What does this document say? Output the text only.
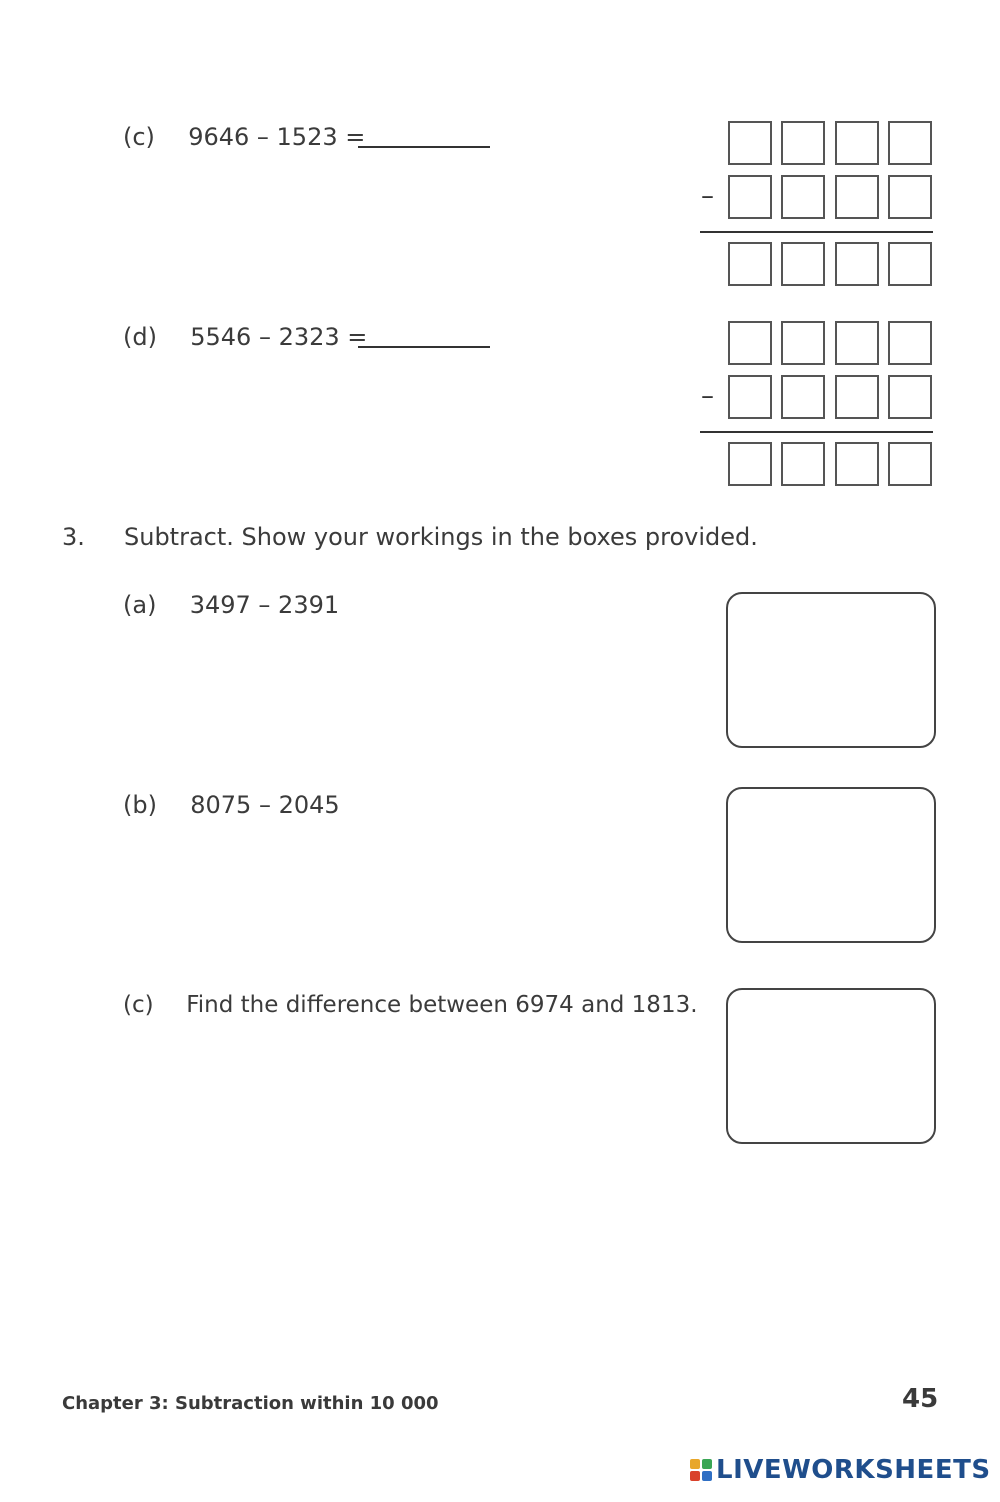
(c) 9646 – 1523 =
(d) 5546 – 2323 =
–
–
3. Subtract. Show your workings in the boxes provided.
(a) 3497 – 2391
(b) 8075 – 2045
(c) Find the difference between 6974 and 1813.
Chapter 3: Subtraction within 10 000	45
LIVEWORKSHEETS
